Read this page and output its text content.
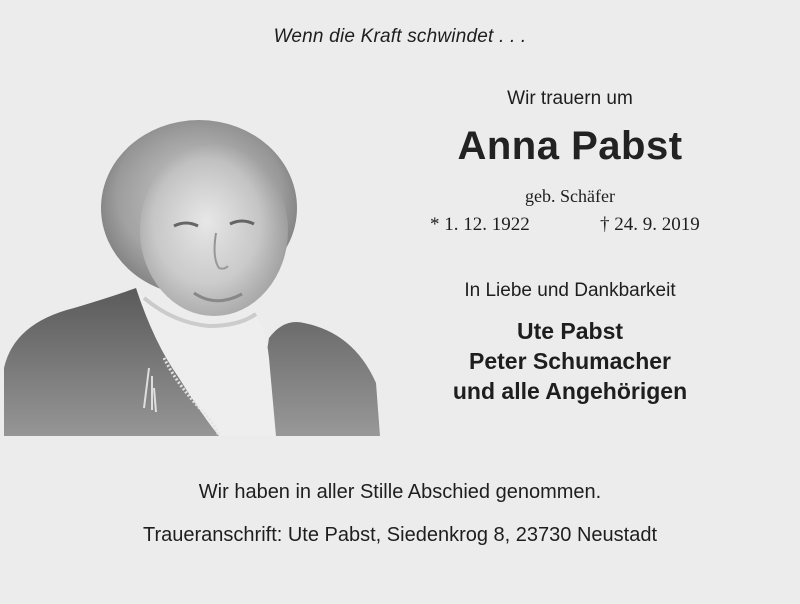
Wenn die Kraft schwindet . . .
Wir trauern um
Anna Pabst
geb. Schäfer
* 1. 12. 1922	† 24. 9. 2019
In Liebe und Dankbarkeit
Ute Pabst
Peter Schumacher
und alle Angehörigen
Wir haben in aller Stille Abschied genommen.
Traueranschrift: Ute Pabst, Siedenkrog 8, 23730 Neustadt
